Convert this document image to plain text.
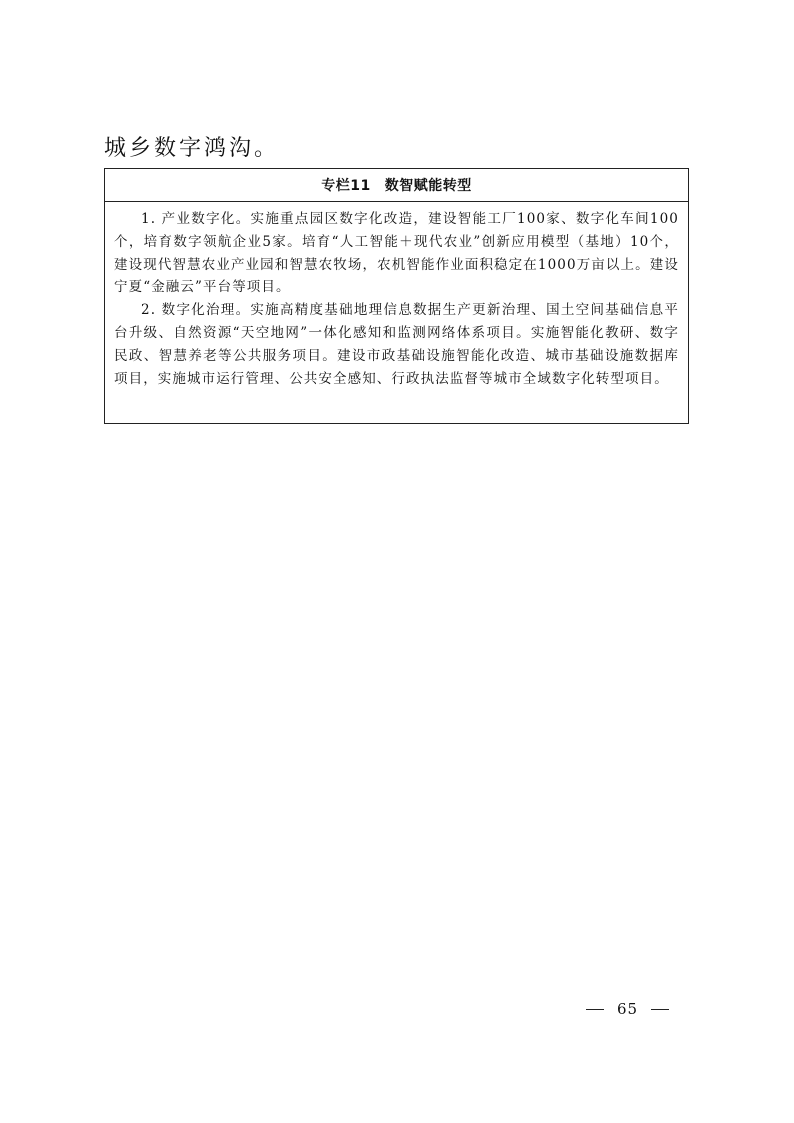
城乡数字鸿沟。

专栏11 数智赋能转型

1. 产业数字化。实施重点园区数字化改造，建设智能工厂100家、数字化车间100个，培育数字领航企业5家。培育“人工智能＋现代农业”创新应用模型（基地）10个，建设现代智慧农业产业园和智慧农牧场，农机智能作业面积稳定在1000万亩以上。建设宁夏“金融云”平台等项目。

2. 数字化治理。实施高精度基础地理信息数据生产更新治理、国土空间基础信息平台升级、自然资源“天空地网”一体化感知和监测网络体系项目。实施智能化教研、数字民政、智慧养老等公共服务项目。建设市政基础设施智能化改造、城市基础设施数据库项目，实施城市运行管理、公共安全感知、行政执法监督等城市全域数字化转型项目。

65
